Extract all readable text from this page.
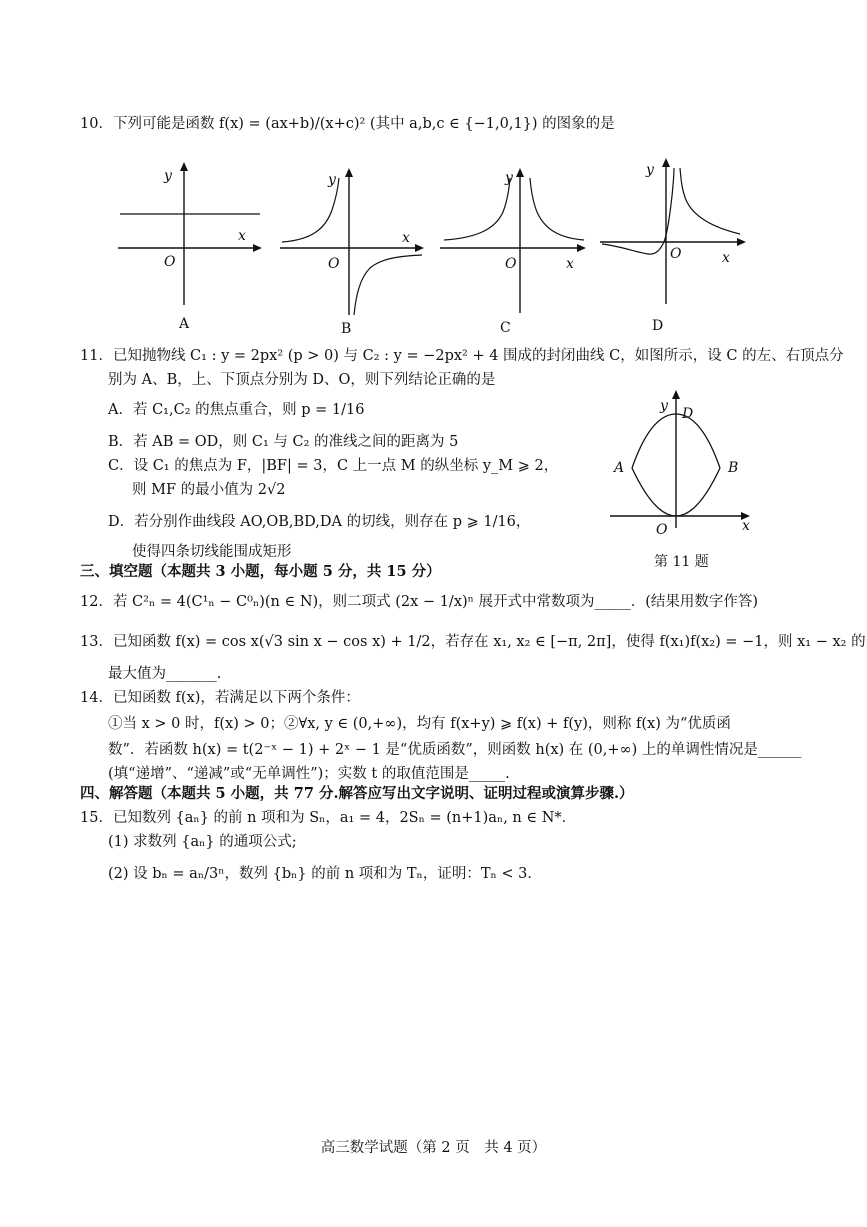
10．下列可能是函数 f(x) = (ax+b)/(x+c)² (其中 a,b,c ∈ {−1,0,1}) 的图象的是
y
x
O
A
y
x
O
B
y
O	x
C
y
O	x
D
11．已知抛物线 C₁ : y = 2px² (p > 0) 与 C₂ : y = −2px² + 4 围成的封闭曲线 C，如图所示，设 C 的左、右顶点分
别为 A、B，上、下顶点分别为 D、O，则下列结论正确的是
A．若 C₁,C₂ 的焦点重合，则 p = 1/16
B．若 AB = OD，则 C₁ 与 C₂ 的准线之间的距离为 5
C．设 C₁ 的焦点为 F，|BF| = 3，C 上一点 M 的纵坐标 y_M ⩾ 2，
则 MF 的最小值为 2√2
D．若分别作曲线段 AO,OB,BD,DA 的切线，则存在 p ⩾ 1/16，
使得四条切线能围成矩形
y D
A	B
O	x
第 11 题
三、填空题（本题共 3 小题，每小题 5 分，共 15 分）
12．若 C²ₙ = 4(C¹ₙ − C⁰ₙ)(n ∈ N)，则二项式 (2x − 1/x)ⁿ 展开式中常数项为_____．(结果用数字作答)
13．已知函数 f(x) = cos x(√3 sin x − cos x) + 1/2，若存在 x₁, x₂ ∈ [−π, 2π]，使得 f(x₁)f(x₂) = −1，则 x₁ − x₂ 的
最大值为_______.
14．已知函数 f(x)，若满足以下两个条件：
①当 x > 0 时，f(x) > 0；②∀x, y ∈ (0,+∞)，均有 f(x+y) ⩾ f(x) + f(y)，则称 f(x) 为“优质函
数”．若函数 h(x) = t(2⁻ˣ − 1) + 2ˣ − 1 是“优质函数”，则函数 h(x) 在 (0,+∞) 上的单调性情况是______
(填“递增”、“递减”或“无单调性”)；实数 t 的取值范围是_____.
四、解答题（本题共 5 小题，共 77 分.解答应写出文字说明、证明过程或演算步骤.）
15．已知数列 {aₙ} 的前 n 项和为 Sₙ，a₁ = 4，2Sₙ = (n+1)aₙ, n ∈ N*．
(1) 求数列 {aₙ} 的通项公式;
(2) 设 bₙ = aₙ/3ⁿ，数列 {bₙ} 的前 n 项和为 Tₙ，证明：Tₙ < 3．
高三数学试题（第 2 页　共 4 页）
